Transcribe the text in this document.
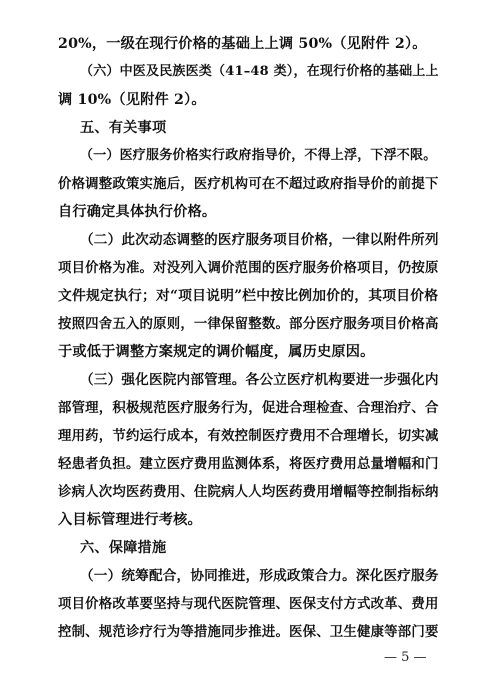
20%，一级在现行价格的基础上上调 50%（见附件 2）。
（六）中医及民族医类（41–48 类），在现行价格的基础上上
调 10%（见附件 2）。
五、有关事项
（一）医疗服务价格实行政府指导价，不得上浮，下浮不限。
价格调整政策实施后，医疗机构可在不超过政府指导价的前提下
自行确定具体执行价格。
（二）此次动态调整的医疗服务项目价格，一律以附件所列
项目价格为准。对没列入调价范围的医疗服务价格项目，仍按原
文件规定执行；对“项目说明”栏中按比例加价的，其项目价格
按照四舍五入的原则，一律保留整数。部分医疗服务项目价格高
于或低于调整方案规定的调价幅度，属历史原因。
（三）强化医院内部管理。各公立医疗机构要进一步强化内
部管理，积极规范医疗服务行为，促进合理检查、合理治疗、合
理用药，节约运行成本，有效控制医疗费用不合理增长，切实减
轻患者负担。建立医疗费用监测体系，将医疗费用总量增幅和门
诊病人次均医药费用、住院病人人均医药费用增幅等控制指标纳
入目标管理进行考核。
六、保障措施
（一）统筹配合，协同推进，形成政策合力。深化医疗服务
项目价格改革要坚持与现代医院管理、医保支付方式改革、费用
控制、规范诊疗行为等措施同步推进。医保、卫生健康等部门要
— 5 —
